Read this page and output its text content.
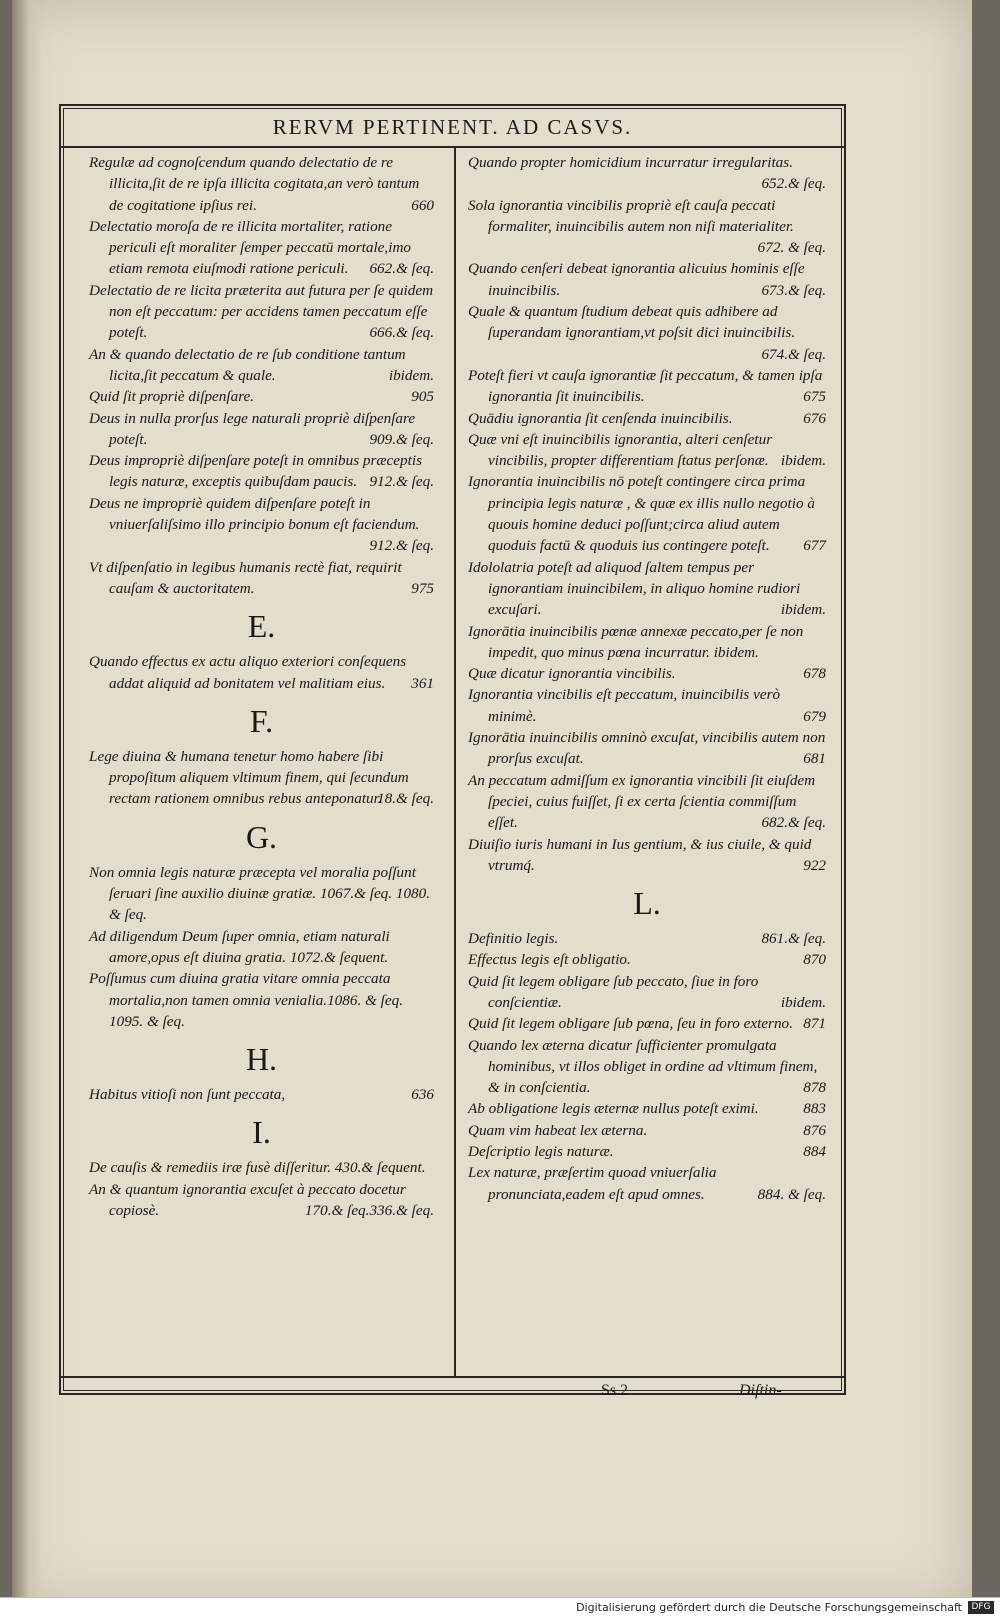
RERVM PERTINENT. AD CASVS.

Regulæ ad cognoſcendum quando delectatio de re illicita,ſit de re ipſa illicita cogitata,an verò tantum de cogitatione ipſius rei.	660

Delectatio moroſa de re illicita mortaliter, ratione periculi eſt moraliter ſemper peccatū mortale,imo etiam remota eiuſmodi ratione periculi. 662.& ſeq.

Delectatio de re licita præterita aut futura per ſe quidem non eſt peccatum: per accidens tamen peccatum eſſe poteſt.	666.& ſeq.

An & quando delectatio de re ſub conditione tantum licita,ſit peccatum & quale.	ibidem.

Quid ſit propriè diſpenſare.	905

Deus in nulla prorſus lege naturali propriè diſpenſare poteſt.	909.& ſeq.

Deus impropriè diſpenſare poteſt in omnibus præceptis legis naturæ, exceptis quibuſdam paucis. 912.& ſeq.

Deus ne impropriè quidem diſpenſare poteſt in vniuerſaliſsimo illo principio bonum eſt faciendum.
912.& ſeq.

Vt diſpenſatio in legibus humanis rectè fiat, requirit cauſam & auctoritatem.	975

E.

Quando effectus ex actu aliquo exteriori conſequens addat aliquid ad bonitatem vel malitiam eius. 361

F.

Lege diuina & humana tenetur homo habere ſibi propoſitum aliquem vltimum finem, qui ſecundum rectam rationem omnibus rebus anteponatur.
18.& ſeq.

G.

Non omnia legis naturæ præcepta vel moralia poſſunt ſeruari ſine auxilio diuinæ gratiæ. 1067.& ſeq. 1080. & ſeq.

Ad diligendum Deum ſuper omnia, etiam naturali amore,opus eſt diuina gratia. 1072.& ſequent.

Poſſumus cum diuina gratia vitare omnia peccata mortalia,non tamen omnia venialia.1086. & ſeq. 1095. & ſeq.

H.

Habitus vitioſi non ſunt peccata,	636

I.

De cauſis & remediis iræ fusè diſſeritur. 430.& ſequent.

An & quantum ignorantia excuſet à peccato docetur copiosè.	170.& ſeq.336.& ſeq.

Quando propter homicidium incurratur irregularitas.
652.& ſeq.

Sola ignorantia vincibilis propriè eſt cauſa peccati formaliter, inuincibilis autem non niſi materialiter.
672. & ſeq.

Quando cenſeri debeat ignorantia alicuius hominis eſſe inuincibilis.	673.& ſeq.

Quale & quantum ſtudium debeat quis adhibere ad ſuperandam ignorantiam,vt poſsit dici inuincibilis.
674.& ſeq.

Poteſt fieri vt cauſa ignorantiæ ſit peccatum, & tamen ipſa ignorantia ſit inuincibilis.	675

Quādiu ignorantia ſit cenſenda inuincibilis.	676

Quæ vni eſt inuincibilis ignorantia, alteri cenſetur vincibilis, propter differentiam ſtatus perſonæ. ibidem.

Ignorantia inuincibilis nō poteſt contingere circa prima principia legis naturæ , & quæ ex illis nullo negotio à quouis homine deduci poſſunt;circa aliud autem quoduis factū & quoduis ius contingere poteſt. 677

Idololatria poteſt ad aliquod ſaltem tempus per ignorantiam inuincibilem, in aliquo homine rudiori excuſari.	ibidem.

Ignorātia inuincibilis pœnæ annexæ peccato,per ſe non impedit, quo minus pœna incurratur. ibidem.

Quæ dicatur ignorantia vincibilis.	678

Ignorantia vincibilis eſt peccatum, inuincibilis verò minimè.	679

Ignorātia inuincibilis omninò excuſat, vincibilis autem non prorſus excuſat.	681

An peccatum admiſſum ex ignorantia vincibili ſit eiuſdem ſpeciei, cuius fuiſſet, ſi ex certa ſcientia commiſſum eſſet.	682.& ſeq.

Diuiſio iuris humani in Ius gentium, & ius ciuile, & quid vtrumq́.	922

L.

Definitio legis.	861.& ſeq.

Effectus legis eſt obligatio.	870

Quid ſit legem obligare ſub peccato, ſiue in foro conſcientiæ.	ibidem.

Quid ſit legem obligare ſub pœna, ſeu in foro externo. 871

Quando lex æterna dicatur ſufficienter promulgata hominibus, vt illos obliget in ordine ad vltimum finem, & in conſcientia.	878

Ab obligatione legis æternæ nullus poteſt eximi.	883

Quam vim habeat lex æterna.	876

Deſcriptio legis naturæ.	884

Lex naturæ, præſertim quoad vniuerſalia pronunciata,eadem eſt apud omnes.	884. & ſeq.

Ss 2	Diſtin-
Digitalisierung gefördert durch die Deutsche Forschungsgemeinschaft	DFG
